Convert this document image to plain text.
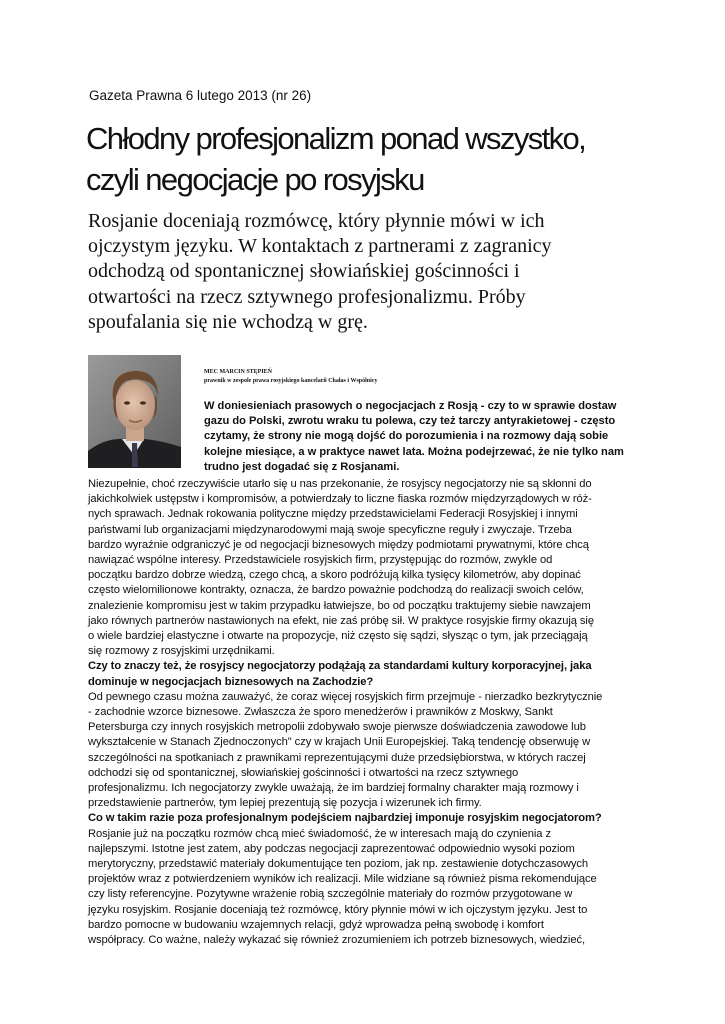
Gazeta Prawna 6 lutego 2013 (nr 26)
Chłodny profesjonalizm ponad wszystko,
czyli negocjacje po rosyjsku
Rosjanie doceniają rozmówcę, który płynnie mówi w ich
ojczystym języku. W kontaktach z partnerami z zagranicy
odchodzą od spontanicznej słowiańskiej gościnności i
otwartości na rzecz sztywnego profesjonalizmu. Próby
spoufalania się nie wchodzą w grę.
MEC MARCIN STĘPIEŃ
prawnik w zespole prawa rosyjskiego kancelarii Chałas i Wspólnicy
W doniesieniach prasowych o negocjacjach z Rosją - czy to w sprawie dostaw
gazu do Polski, zwrotu wraku tu polewa, czy też tarczy antyrakietowej - często
czytamy, że strony nie mogą dojść do porozumienia i na rozmowy dają sobie
kolejne miesiące, a w praktyce nawet lata. Można podejrzewać, że nie tylko nam
trudno jest dogadać się z Rosjanami.
Niezupełnie, choć rzeczywiście utarło się u nas przekonanie, że rosyjscy negocjatorzy nie są skłonni do
jakichkolwiek ustępstw i kompromisów, a potwierdzały to liczne fiaska rozmów międzyrządowych w róż-
nych sprawach. Jednak rokowania polityczne między przedstawicielami Federacji Rosyjskiej i innymi
państwami lub organizacjami międzynarodowymi mają swoje specyficzne reguły i zwyczaje. Trzeba
bardzo wyraźnie odgraniczyć je od negocjacji biznesowych między podmiotami prywatnymi, które chcą
nawiązać wspólne interesy. Przedstawiciele rosyjskich firm, przystępując do rozmów, zwykle od
początku bardzo dobrze wiedzą, czego chcą, a skoro podróżują kilka tysięcy kilometrów, aby dopinać
często wielomilionowe kontrakty, oznacza, że bardzo poważnie podchodzą do realizacji swoich celów,
znalezienie kompromisu jest w takim przypadku łatwiejsze, bo od początku traktujemy siebie nawzajem
jako równych partnerów nastawionych na efekt, nie zaś próbę sił. W praktyce rosyjskie firmy okazują się
o wiele bardziej elastyczne i otwarte na propozycje, niż często się sądzi, słysząc o tym, jak przeciągają
się rozmowy z rosyjskimi urzędnikami.
Czy to znaczy też, że rosyjscy negocjatorzy podążają za standardami kultury korporacyjnej, jaka
dominuje w negocjacjach biznesowych na Zachodzie?
Od pewnego czasu można zauważyć, że coraz więcej rosyjskich firm przejmuje - nierzadko bezkrytycznie
- zachodnie wzorce biznesowe. Zwłaszcza że sporo menedżerów i prawników z Moskwy, Sankt
Petersburga czy innych rosyjskich metropolii zdobywało swoje pierwsze doświadczenia zawodowe lub
wykształcenie w Stanach Zjednoczonych" czy w krajach Unii Europejskiej. Taką tendencję obserwuję w
szczególności na spotkaniach z prawnikami reprezentującymi duże przedsiębiorstwa, w których raczej
odchodzi się od spontanicznej, słowiańskiej gościnności i otwartości na rzecz sztywnego
profesjonalizmu. Ich negocjatorzy zwykle uważają, że im bardziej formalny charakter mają rozmowy i
przedstawienie partnerów, tym lepiej prezentują się pozycja i wizerunek ich firmy.
Co w takim razie poza profesjonalnym podejściem najbardziej imponuje rosyjskim negocjatorom?
Rosjanie już na początku rozmów chcą mieć świadomość, że w interesach mają do czynienia z
najlepszymi. Istotne jest zatem, aby podczas negocjacji zaprezentować odpowiednio wysoki poziom
merytoryczny, przedstawić materiały dokumentujące ten poziom, jak np. zestawienie dotychczasowych
projektów wraz z potwierdzeniem wyników ich realizacji. Mile widziane są również pisma rekomendujące
czy listy referencyjne. Pozytywne wrażenie robią szczególnie materiały do rozmów przygotowane w
języku rosyjskim. Rosjanie doceniają też rozmówcę, który płynnie mówi w ich ojczystym języku. Jest to
bardzo pomocne w budowaniu wzajemnych relacji, gdyż wprowadza pełną swobodę i komfort
współpracy. Co ważne, należy wykazać się również zrozumieniem ich potrzeb biznesowych, wiedzieć,
